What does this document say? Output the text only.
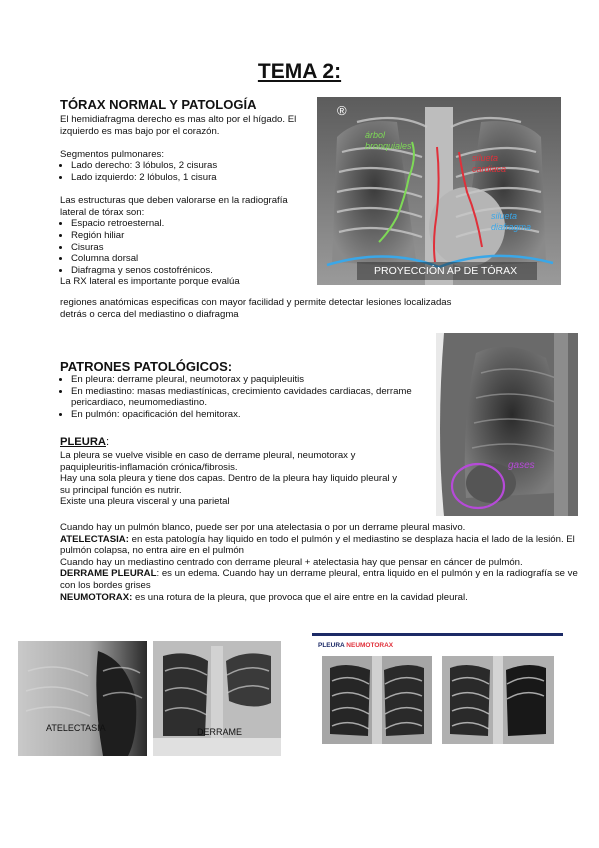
TEMA 2:
TÓRAX NORMAL Y PATOLOGÍA

El hemidiafragma derecho es mas alto por el hígado. El izquierdo es mas bajo por el corazón.

Segmentos pulmonares:

• Lado derecho: 3 lóbulos, 2 cisuras
• Lado izquierdo: 2 lóbulos, 1 cisura

Las estructuras que deben valorarse en la radiografía lateral de tórax son:

• Espacio retroesternal.
• Región hiliar
• Cisuras
• Columna dorsal
• Diafragma y senos costofrénicos.

La RX lateral es importante porque evalúa

regiones anatómicas especificas con mayor facilidad y permite detectar lesiones localizadas

detrás o cerca del mediastino o diafragma

®
árbol bronquiales
silueta cardiaca
silueta diafragma
PROYECCIÓN AP DE TÓRAX
PATRONES PATOLÓGICOS:
• En pleura: derrame pleural, neumotorax y paquipleuitis
• En mediastino: masas mediastínicas, crecimiento cavidades cardiacas, derrame pericardiaco, neumomediastino.
• En pulmón: opacificación del hemitorax.
gases
PLEURA:

La pleura se vuelve visible en caso de derrame pleural, neumotorax y paquipleuritis-inflamación crónica/fibrosis.

Hay una sola pleura y tiene dos capas. Dentro de la pleura hay liquido pleural y su principal función es nutrir.

Existe una pleura visceral y una parietal

Cuando hay un pulmón blanco, puede ser por una atelectasia o por un derrame pleural masivo.

ATELECTASIA: en esta patología hay liquido en todo el pulmón y el mediastino se desplaza hacia el lado de la lesión. El pulmón colapsa, no entra aire en el pulmón

Cuando hay un mediastino centrado con derrame pleural + atelectasia hay que pensar en cáncer de pulmón.

DERRAME PLEURAL: es un edema. Cuando hay un derrame pleural, entra liquido en el pulmón y en la radiografía se ve con los bordes grises

NEUMOTORAX: es una rotura de la pleura, que provoca que el aire entre en la cavidad pleural.

ATELECTASIA	DERRAME
PLEURA NEUMOTORAX
